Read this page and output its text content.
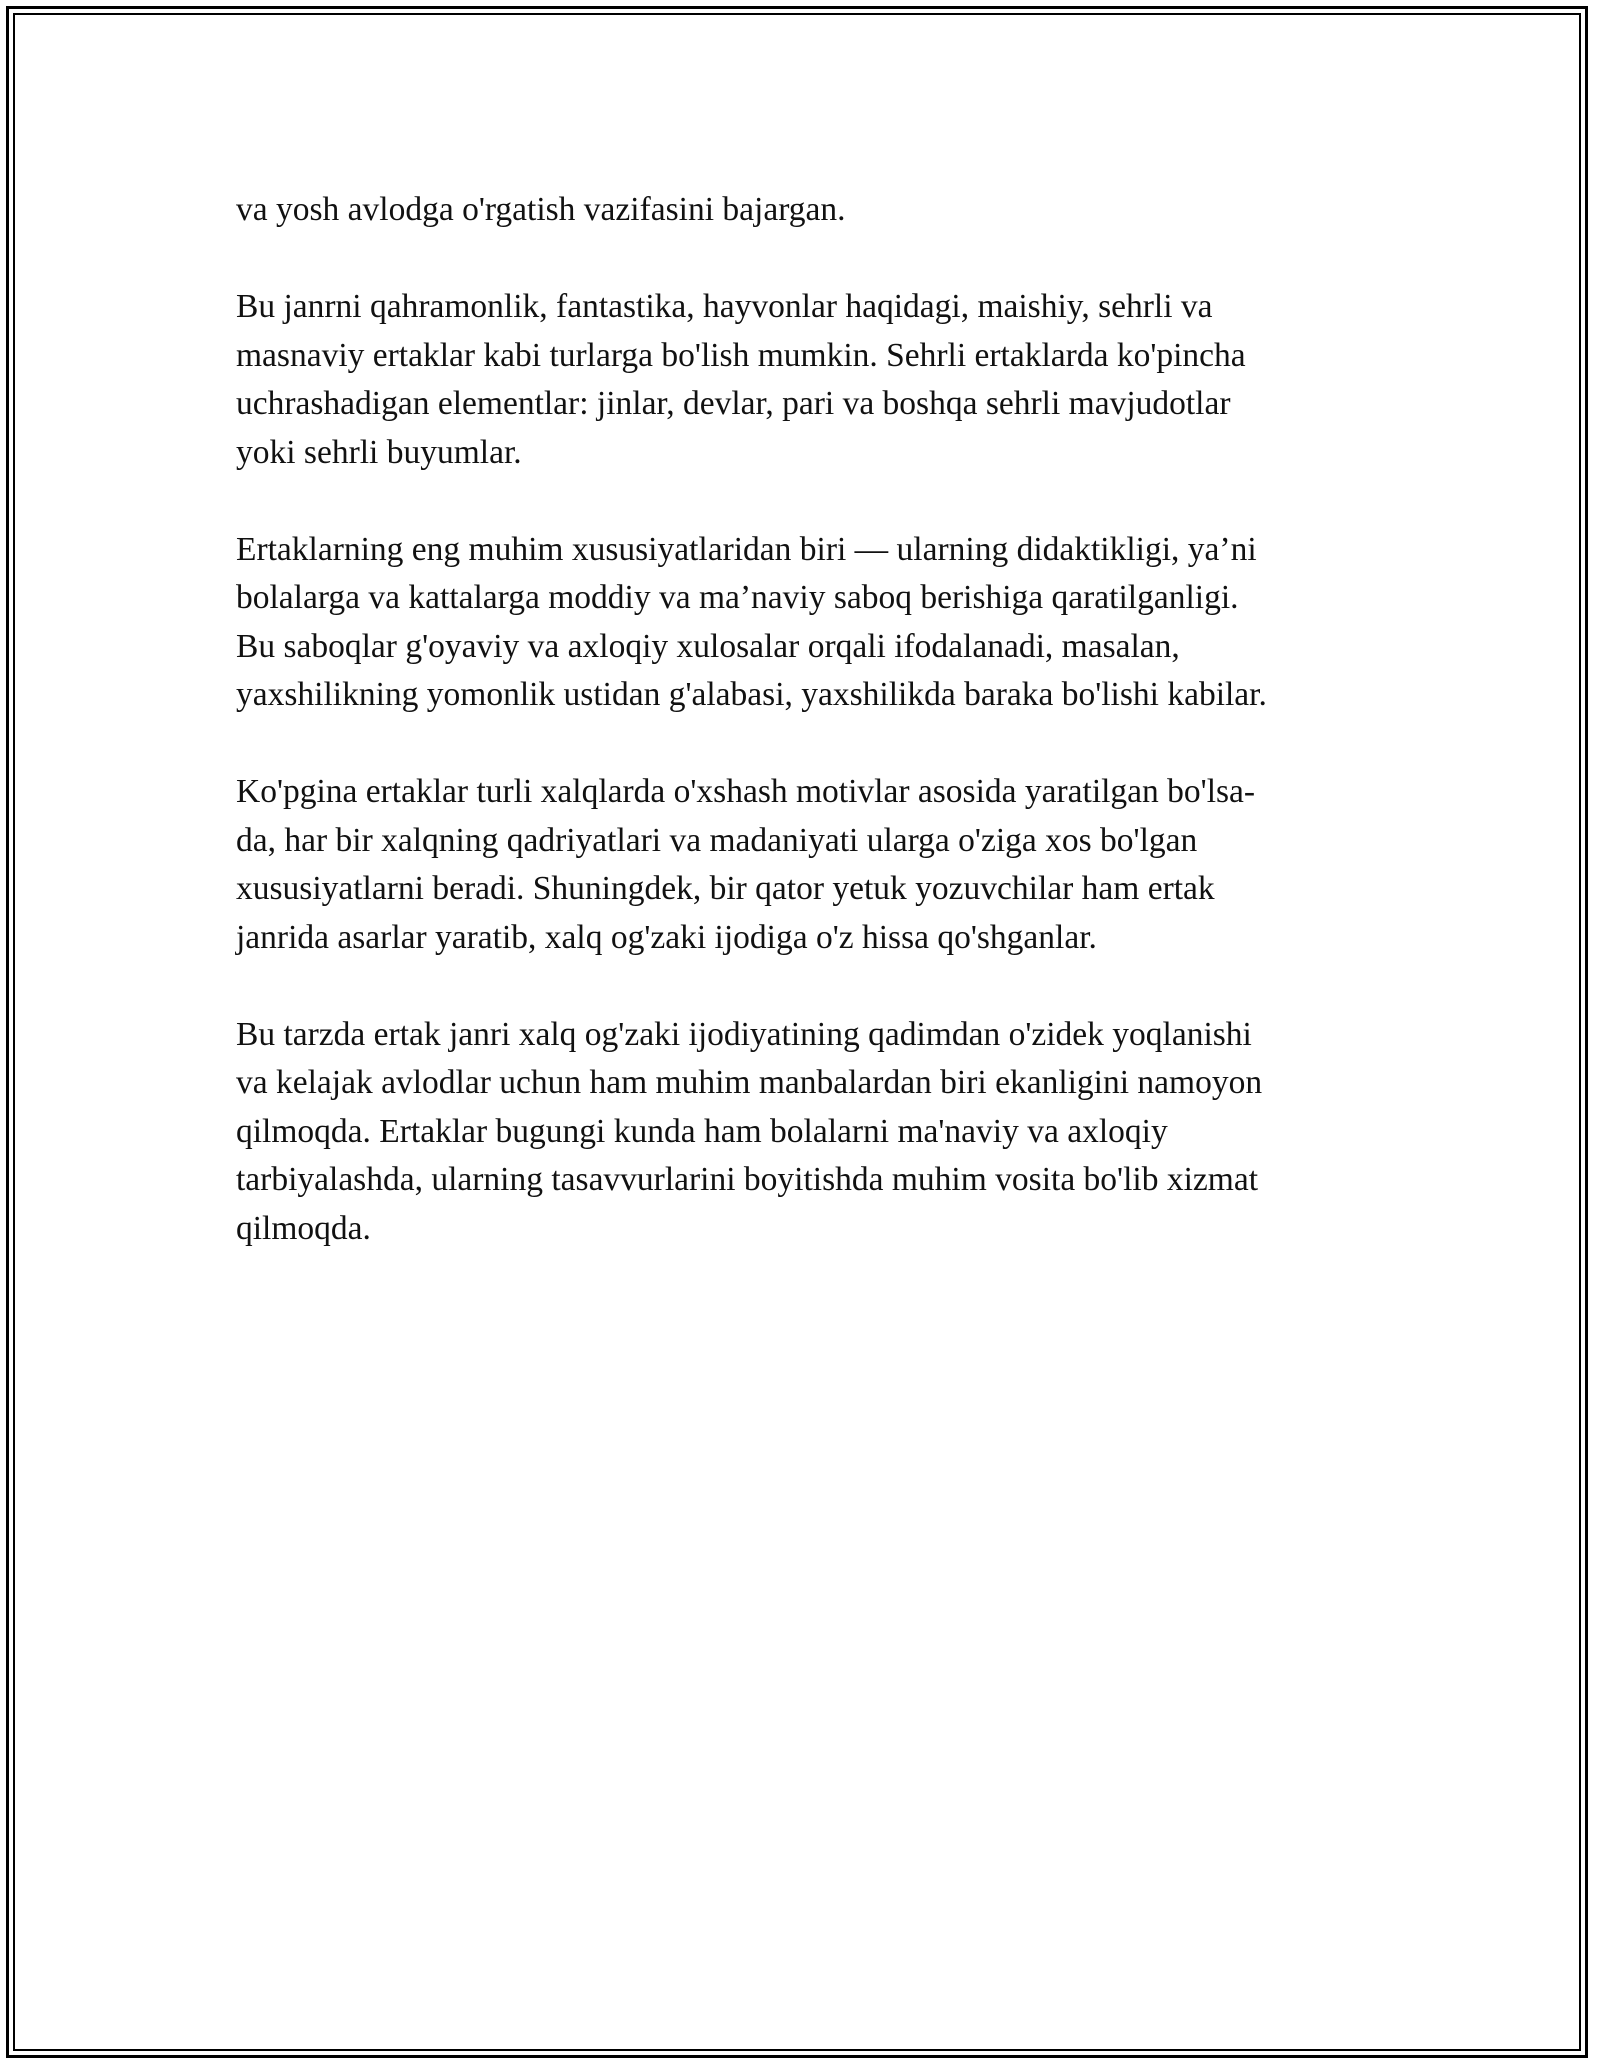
va yosh avlodga o'rgatish vazifasini bajargan.

Bu janrni qahramonlik, fantastika, hayvonlar haqidagi, maishiy, sehrli va
masnaviy ertaklar kabi turlarga bo'lish mumkin. Sehrli ertaklarda ko'pincha
uchrashadigan elementlar: jinlar, devlar, pari va boshqa sehrli mavjudotlar
yoki sehrli buyumlar.

Ertaklarning eng muhim xususiyatlaridan biri — ularning didaktikligi, ya’ni
bolalarga va kattalarga moddiy va ma’naviy saboq berishiga qaratilganligi.
Bu saboqlar g'oyaviy va axloqiy xulosalar orqali ifodalanadi, masalan,
yaxshilikning yomonlik ustidan g'alabasi, yaxshilikda baraka bo'lishi kabilar.

Ko'pgina ertaklar turli xalqlarda o'xshash motivlar asosida yaratilgan bo'lsa-
da, har bir xalqning qadriyatlari va madaniyati ularga o'ziga xos bo'lgan
xususiyatlarni beradi. Shuningdek, bir qator yetuk yozuvchilar ham ertak
janrida asarlar yaratib, xalq og'zaki ijodiga o'z hissa qo'shganlar.

Bu tarzda ertak janri xalq og'zaki ijodiyatining qadimdan o'zidek yoqlanishi
va kelajak avlodlar uchun ham muhim manbalardan biri ekanligini namoyon
qilmoqda. Ertaklar bugungi kunda ham bolalarni ma'naviy va axloqiy
tarbiyalashda, ularning tasavvurlarini boyitishda muhim vosita bo'lib xizmat
qilmoqda.
